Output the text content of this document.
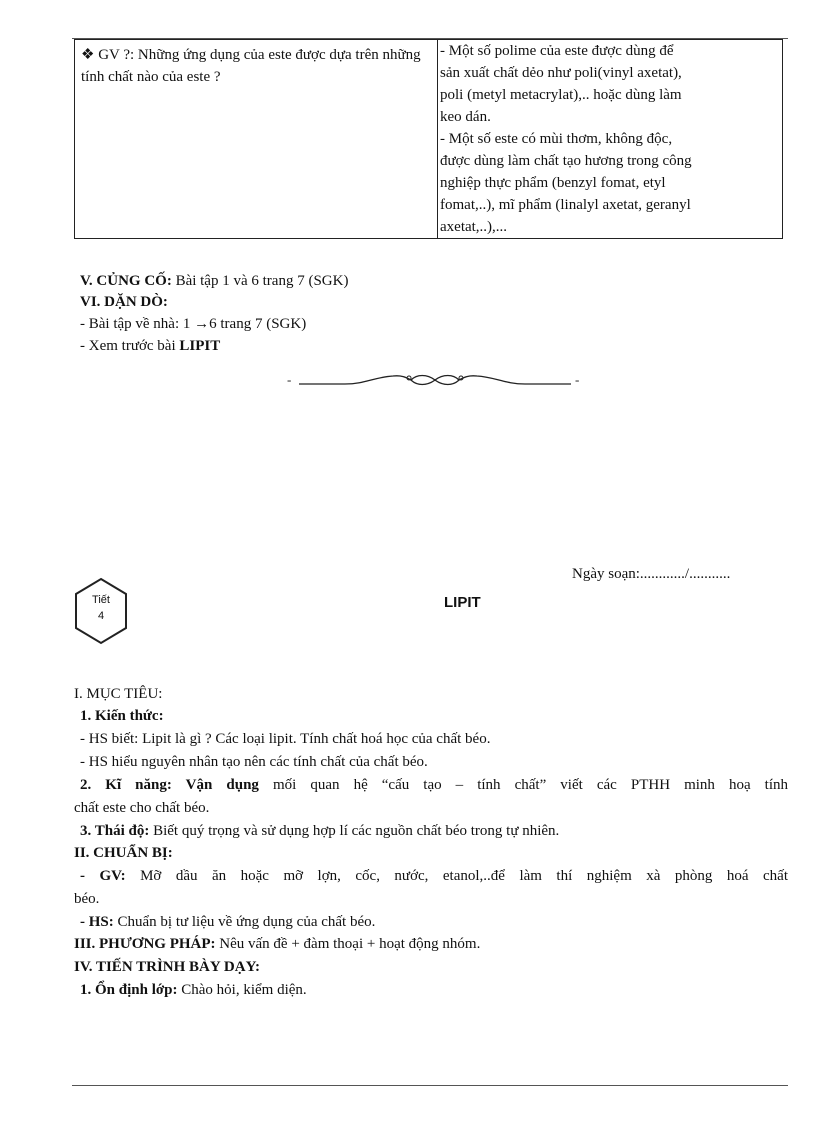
❖ GV ?: Những ứng dụng của este được dựa trên những tính chất nào của este ?	
- Một số polime của este được dùng để
sản xuất chất dẻo như poli(vinyl axetat),
poli (metyl metacrylat),.. hoặc dùng làm
keo dán.
- Một số este có mùi thơm, không độc,
được dùng làm chất tạo hương trong công
nghiệp thực phẩm (benzyl fomat, etyl
fomat,..), mĩ phẩm (linalyl axetat, geranyl
axetat,..),...
V. CỦNG CỐ: Bài tập 1 và 6 trang 7 (SGK)
VI. DẶN DÒ:
- Bài tập về nhà: 1 →6 trang 7 (SGK)
- Xem trước bài LIPIT
-	-
Ngày soạn:............/...........
Tiết
4
LIPIT
I. MỤC TIÊU:
1. Kiến thức:
- HS biết: Lipit là gì ? Các loại lipit. Tính chất hoá học của chất béo.
- HS hiểu nguyên nhân tạo nên các tính chất của chất béo.
2. Kĩ năng: Vận dụng mối quan hệ “cấu tạo – tính chất” viết các PTHH minh hoạ tính
chất este cho chất béo.
3. Thái độ: Biết quý trọng và sử dụng hợp lí các nguồn chất béo trong tự nhiên.
II. CHUẨN BỊ:
- GV: Mỡ dầu ăn hoặc mỡ lợn, cốc, nước, etanol,..để làm thí nghiệm xà phòng hoá chất
béo.
- HS: Chuẩn bị tư liệu về ứng dụng của chất béo.
III. PHƯƠNG PHÁP: Nêu vấn đề + đàm thoại + hoạt động nhóm.
IV. TIẾN TRÌNH BÀY DẠY:
1. Ổn định lớp: Chào hỏi, kiểm diện.
